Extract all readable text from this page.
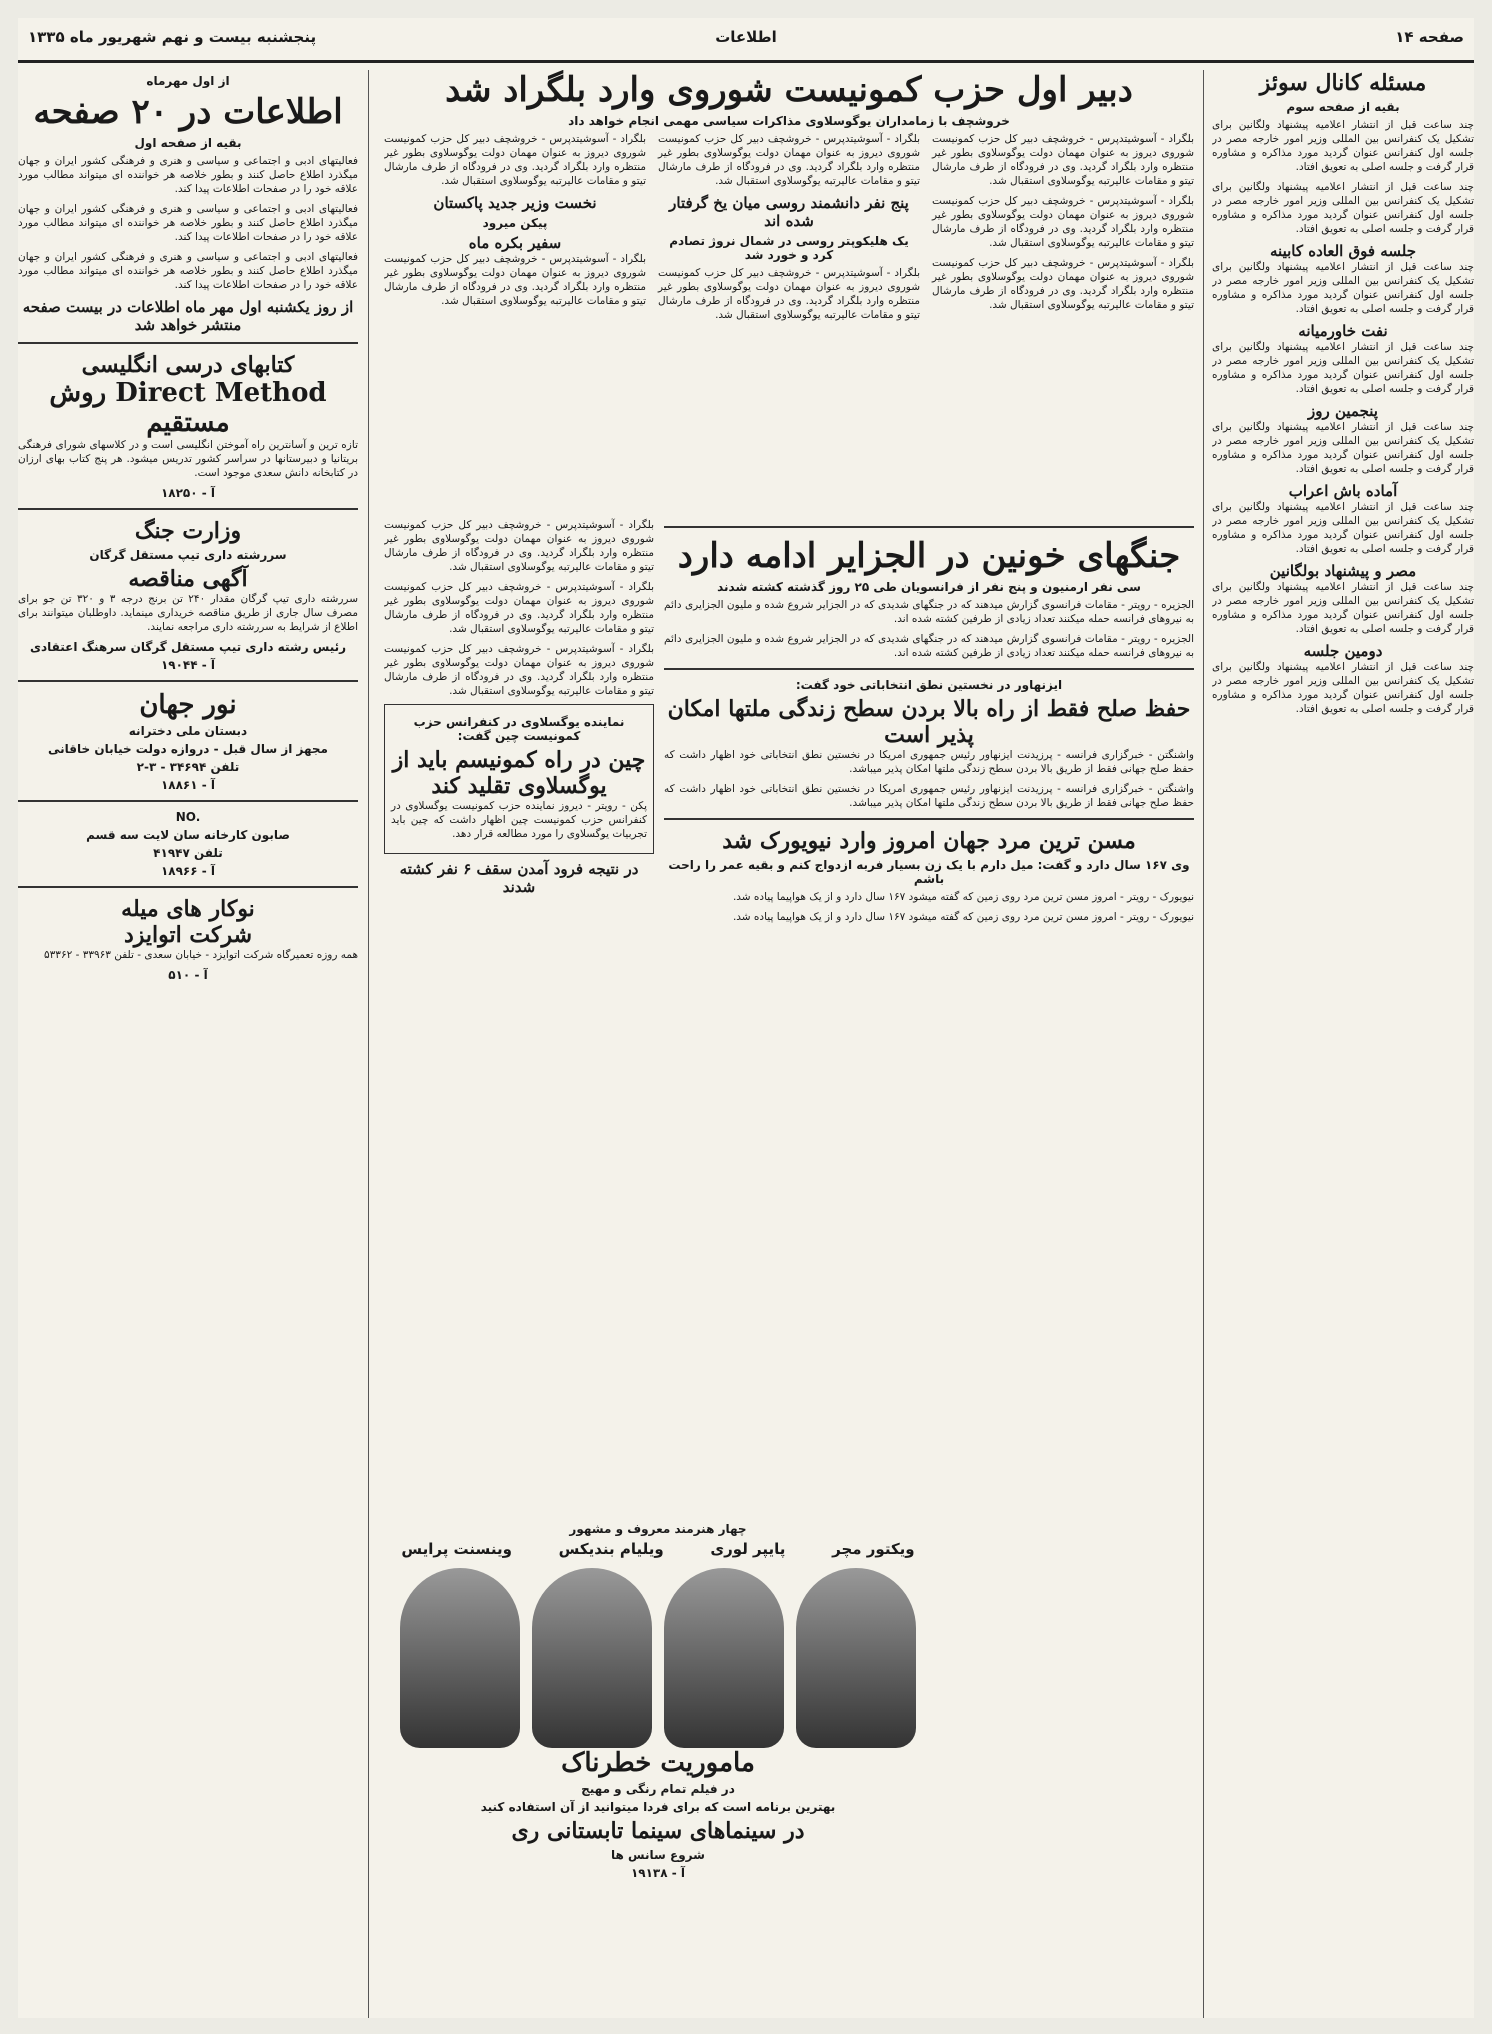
صفحه ۱۴
اطلاعات
پنجشنبه بیست و نهم شهریور ماه ۱۳۳۵
مسئله کانال سوئز
بقیه از صفحه سوم

چند ساعت قبل از انتشار اعلامیه پیشنهاد ولگانین برای تشکیل یک کنفرانس بین المللی وزیر امور خارجه مصر در جلسه اول کنفرانس عنوان گردید مورد مذاکره و مشاوره قرار گرفت و جلسه اصلی به تعویق افتاد.

چند ساعت قبل از انتشار اعلامیه پیشنهاد ولگانین برای تشکیل یک کنفرانس بین المللی وزیر امور خارجه مصر در جلسه اول کنفرانس عنوان گردید مورد مذاکره و مشاوره قرار گرفت و جلسه اصلی به تعویق افتاد.

جلسه فوق العاده کابینه

چند ساعت قبل از انتشار اعلامیه پیشنهاد ولگانین برای تشکیل یک کنفرانس بین المللی وزیر امور خارجه مصر در جلسه اول کنفرانس عنوان گردید مورد مذاکره و مشاوره قرار گرفت و جلسه اصلی به تعویق افتاد.

نفت خاورمیانه

چند ساعت قبل از انتشار اعلامیه پیشنهاد ولگانین برای تشکیل یک کنفرانس بین المللی وزیر امور خارجه مصر در جلسه اول کنفرانس عنوان گردید مورد مذاکره و مشاوره قرار گرفت و جلسه اصلی به تعویق افتاد.

پنجمین روز

چند ساعت قبل از انتشار اعلامیه پیشنهاد ولگانین برای تشکیل یک کنفرانس بین المللی وزیر امور خارجه مصر در جلسه اول کنفرانس عنوان گردید مورد مذاکره و مشاوره قرار گرفت و جلسه اصلی به تعویق افتاد.

آماده باش اعراب

چند ساعت قبل از انتشار اعلامیه پیشنهاد ولگانین برای تشکیل یک کنفرانس بین المللی وزیر امور خارجه مصر در جلسه اول کنفرانس عنوان گردید مورد مذاکره و مشاوره قرار گرفت و جلسه اصلی به تعویق افتاد.

مصر و پیشنهاد بولگانین

چند ساعت قبل از انتشار اعلامیه پیشنهاد ولگانین برای تشکیل یک کنفرانس بین المللی وزیر امور خارجه مصر در جلسه اول کنفرانس عنوان گردید مورد مذاکره و مشاوره قرار گرفت و جلسه اصلی به تعویق افتاد.

دومین جلسه

چند ساعت قبل از انتشار اعلامیه پیشنهاد ولگانین برای تشکیل یک کنفرانس بین المللی وزیر امور خارجه مصر در جلسه اول کنفرانس عنوان گردید مورد مذاکره و مشاوره قرار گرفت و جلسه اصلی به تعویق افتاد.

دبیر اول حزب کمونیست شوروی وارد بلگراد شد
خروشچف با زمامداران یوگوسلاوی مذاکرات سیاسی مهمی انجام خواهد داد

بلگراد - آسوشیتدپرس - خروشچف دبیر کل حزب کمونیست شوروی دیروز به عنوان مهمان دولت یوگوسلاوی بطور غیر منتظره وارد بلگراد گردید. وی در فرودگاه از طرف مارشال تیتو و مقامات عالیرتبه یوگوسلاوی استقبال شد.

بلگراد - آسوشیتدپرس - خروشچف دبیر کل حزب کمونیست شوروی دیروز به عنوان مهمان دولت یوگوسلاوی بطور غیر منتظره وارد بلگراد گردید. وی در فرودگاه از طرف مارشال تیتو و مقامات عالیرتبه یوگوسلاوی استقبال شد.

بلگراد - آسوشیتدپرس - خروشچف دبیر کل حزب کمونیست شوروی دیروز به عنوان مهمان دولت یوگوسلاوی بطور غیر منتظره وارد بلگراد گردید. وی در فرودگاه از طرف مارشال تیتو و مقامات عالیرتبه یوگوسلاوی استقبال شد.

بلگراد - آسوشیتدپرس - خروشچف دبیر کل حزب کمونیست شوروی دیروز به عنوان مهمان دولت یوگوسلاوی بطور غیر منتظره وارد بلگراد گردید. وی در فرودگاه از طرف مارشال تیتو و مقامات عالیرتبه یوگوسلاوی استقبال شد.

پنج نفر دانشمند روسی میان یخ گرفتار شده اند
یک هلیکوپتر روسی در شمال نروژ تصادم کرد و خورد شد

بلگراد - آسوشیتدپرس - خروشچف دبیر کل حزب کمونیست شوروی دیروز به عنوان مهمان دولت یوگوسلاوی بطور غیر منتظره وارد بلگراد گردید. وی در فرودگاه از طرف مارشال تیتو و مقامات عالیرتبه یوگوسلاوی استقبال شد.

بلگراد - آسوشیتدپرس - خروشچف دبیر کل حزب کمونیست شوروی دیروز به عنوان مهمان دولت یوگوسلاوی بطور غیر منتظره وارد بلگراد گردید. وی در فرودگاه از طرف مارشال تیتو و مقامات عالیرتبه یوگوسلاوی استقبال شد.

نخست وزیر جدید پاکستان
پیکن میرود
سفیر بکره ماه

بلگراد - آسوشیتدپرس - خروشچف دبیر کل حزب کمونیست شوروی دیروز به عنوان مهمان دولت یوگوسلاوی بطور غیر منتظره وارد بلگراد گردید. وی در فرودگاه از طرف مارشال تیتو و مقامات عالیرتبه یوگوسلاوی استقبال شد.

جنگهای خونین در الجزایر ادامه دارد
سی نفر ارمنیون و پنج نفر از فرانسویان طی ۲۵ روز گذشته کشته شدند

الجزیره - رویتر - مقامات فرانسوی گزارش میدهند که در جنگهای شدیدی که در الجزایر شروع شده و ملیون الجزایری دائم به نیروهای فرانسه حمله میکنند تعداد زیادی از طرفین کشته شده اند.

الجزیره - رویتر - مقامات فرانسوی گزارش میدهند که در جنگهای شدیدی که در الجزایر شروع شده و ملیون الجزایری دائم به نیروهای فرانسه حمله میکنند تعداد زیادی از طرفین کشته شده اند.

ایزنهاور در نخستین نطق انتخاباتی خود گفت:
حفظ صلح فقط از راه بالا بردن سطح زندگی ملتها امکان پذیر است

واشنگتن - خبرگزاری فرانسه - پرزیدنت ایزنهاور رئیس جمهوری امریکا در نخستین نطق انتخاباتی خود اظهار داشت که حفظ صلح جهانی فقط از طریق بالا بردن سطح زندگی ملتها امکان پذیر میباشد.

واشنگتن - خبرگزاری فرانسه - پرزیدنت ایزنهاور رئیس جمهوری امریکا در نخستین نطق انتخاباتی خود اظهار داشت که حفظ صلح جهانی فقط از طریق بالا بردن سطح زندگی ملتها امکان پذیر میباشد.

مسن ترین مرد جهان امروز وارد نیویورک شد
وی ۱۶۷ سال دارد و گفت: میل دارم با یک زن بسیار فربه ازدواج کنم و بقیه عمر را راحت باشم

نیویورک - رویتر - امروز مسن ترین مرد روی زمین که گفته میشود ۱۶۷ سال دارد و از یک هواپیما پیاده شد.

نیویورک - رویتر - امروز مسن ترین مرد روی زمین که گفته میشود ۱۶۷ سال دارد و از یک هواپیما پیاده شد.

بلگراد - آسوشیتدپرس - خروشچف دبیر کل حزب کمونیست شوروی دیروز به عنوان مهمان دولت یوگوسلاوی بطور غیر منتظره وارد بلگراد گردید. وی در فرودگاه از طرف مارشال تیتو و مقامات عالیرتبه یوگوسلاوی استقبال شد.

بلگراد - آسوشیتدپرس - خروشچف دبیر کل حزب کمونیست شوروی دیروز به عنوان مهمان دولت یوگوسلاوی بطور غیر منتظره وارد بلگراد گردید. وی در فرودگاه از طرف مارشال تیتو و مقامات عالیرتبه یوگوسلاوی استقبال شد.

بلگراد - آسوشیتدپرس - خروشچف دبیر کل حزب کمونیست شوروی دیروز به عنوان مهمان دولت یوگوسلاوی بطور غیر منتظره وارد بلگراد گردید. وی در فرودگاه از طرف مارشال تیتو و مقامات عالیرتبه یوگوسلاوی استقبال شد.

نماینده یوگسلاوی در کنفرانس حزب کمونیست چین گفت:
چین در راه کمونیسم باید از یوگسلاوی تقلید کند

پکن - رویتر - دیروز نماینده حزب کمونیست یوگسلاوی در کنفرانس حزب کمونیست چین اظهار داشت که چین باید تجربیات یوگسلاوی را مورد مطالعه قرار دهد.

در نتیجه فرود آمدن سقف ۶ نفر کشته شدند
از اول مهرماه
اطلاعات در ۲۰ صفحه
بقیه از صفحه اول

فعالیتهای ادبی و اجتماعی و سیاسی و هنری و فرهنگی کشور ایران و جهان میگذرد اطلاع حاصل کنند و بطور خلاصه هر خواننده ای میتواند مطالب مورد علاقه خود را در صفحات اطلاعات پیدا کند.

فعالیتهای ادبی و اجتماعی و سیاسی و هنری و فرهنگی کشور ایران و جهان میگذرد اطلاع حاصل کنند و بطور خلاصه هر خواننده ای میتواند مطالب مورد علاقه خود را در صفحات اطلاعات پیدا کند.

فعالیتهای ادبی و اجتماعی و سیاسی و هنری و فرهنگی کشور ایران و جهان میگذرد اطلاع حاصل کنند و بطور خلاصه هر خواننده ای میتواند مطالب مورد علاقه خود را در صفحات اطلاعات پیدا کند.

از روز یکشنبه اول مهر ماه اطلاعات در بیست صفحه منتشر خواهد شد
کتابهای درسی انگلیسی
Direct Method روش مستقیم

تازه ترین و آسانترین راه آموختن انگلیسی است و در کلاسهای شورای فرهنگی بریتانیا و دبیرستانها در سراسر کشور تدریس میشود. هر پنج کتاب بهای ارزان در کتابخانه دانش سعدی موجود است.

آ - ۱۸۲۵۰
وزارت جنگ
سررشته داری تیپ مستقل گرگان
آگهی مناقصه

سررشته داری تیپ گرگان مقدار ۲۴۰ تن برنج درجه ۳ و ۳۲۰ تن جو برای مصرف سال جاری از طریق مناقصه خریداری مینماید. داوطلبان میتوانند برای اطلاع از شرایط به سررشته داری مراجعه نمایند.

رئیس رشته داری تیپ مستقل گرگان سرهنگ اعتقادی
آ - ۱۹۰۴۴
نور جهان
دبستان ملی دخترانه
مجهز از سال قبل - دروازه دولت خیابان خاقانی
تلفن ۳۴۶۹۴ - ۳-۲
آ - ۱۸۸۶۱
NO.
صابون کارخانه سان لایت سه قسم
تلفن ۴۱۹۴۷
آ - ۱۸۹۶۶
نوکار های میله
شرکت اتوایزد

همه روزه تعمیرگاه شرکت اتوایزد - خیابان سعدی - تلفن ۳۳۹۶۳ - ۵۳۳۶۲

آ - ۵۱۰
چهار هنرمند معروف و مشهور
ویکتور مچر
پایپر لوری
ویلیام بندیکس
وینسنت پرایس
ماموریت خطرناک
در فیلم تمام رنگی و مهیج
بهترین برنامه است که برای فردا میتوانید از آن استفاده کنید
در سینماهای سینما تابستانی ری
شروع سانس ها
آ - ۱۹۱۳۸
